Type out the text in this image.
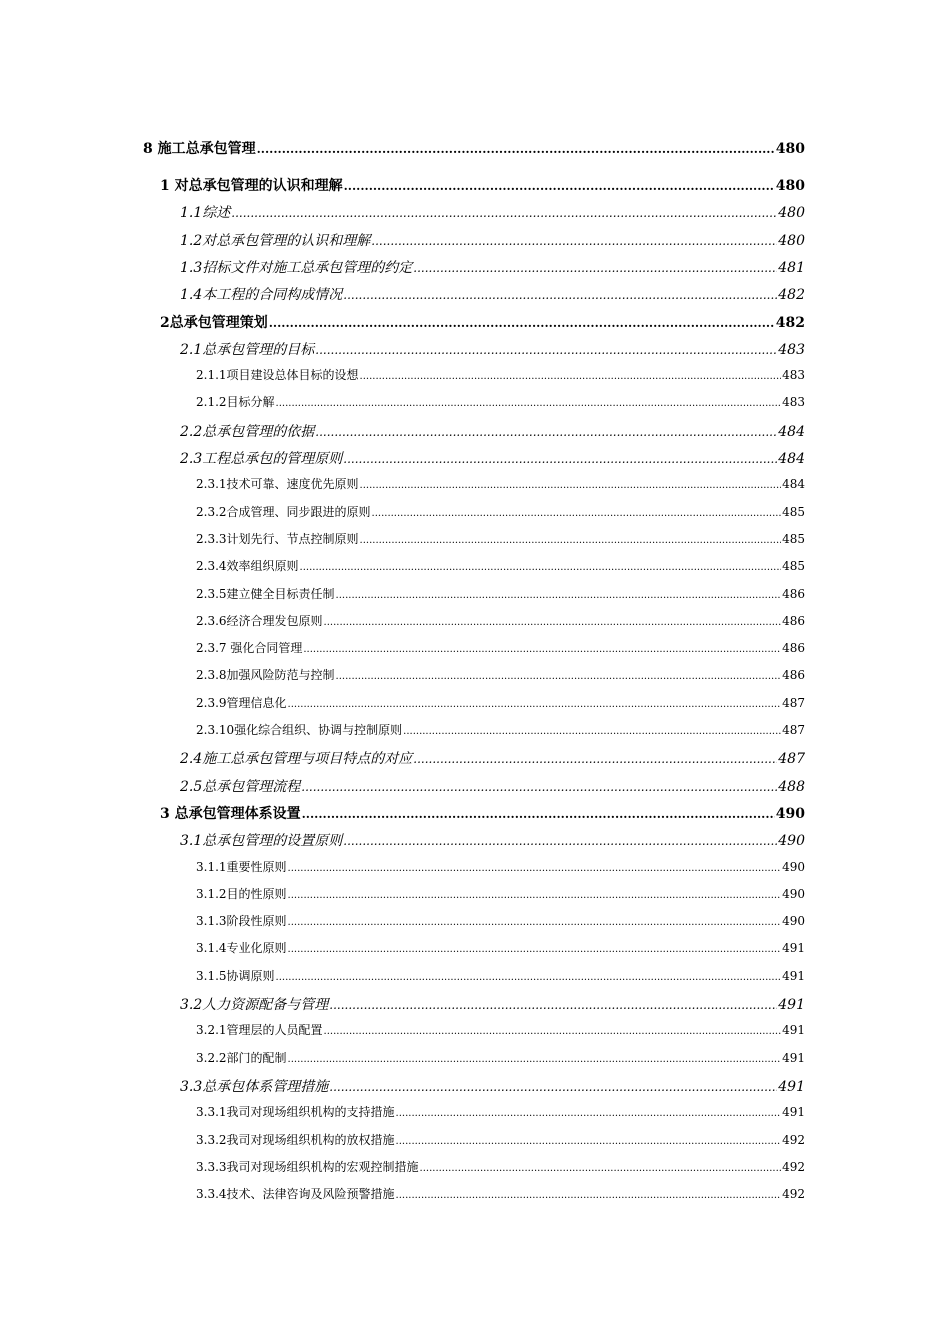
8 施工总承包管理 .....	480
1 对总承包管理的认识和理解 .....	480
1.1综述 .....	480
1.2对总承包管理的认识和理解 .....	480
1.3招标文件对施工总承包管理的约定 .....	481
1.4本工程的合同构成情况 .....	482
2总承包管理策划 .....	482
2.1总承包管理的目标 .....	483
2.1.1项目建设总体目标的设想 .....	483
2.1.2目标分解 .....	483
2.2总承包管理的依据 .....	484
2.3工程总承包的管理原则 .....	484
2.3.1技术可靠、速度优先原则 .....	484
2.3.2合成管理、同步跟进的原则 .....	485
2.3.3计划先行、节点控制原则 .....	485
2.3.4效率组织原则 .....	485
2.3.5建立健全目标责任制 .....	486
2.3.6经济合理发包原则 .....	486
2.3.7 强化合同管理 .....	486
2.3.8加强风险防范与控制 .....	486
2.3.9管理信息化 .....	487
2.3.10强化综合组织、协调与控制原则 .....	487
2.4施工总承包管理与项目特点的对应 .....	487
2.5总承包管理流程 .....	488
3 总承包管理体系设置 .....	490
3.1总承包管理的设置原则 .....	490
3.1.1重要性原则 .....	490
3.1.2目的性原则 .....	490
3.1.3阶段性原则 .....	490
3.1.4专业化原则 .....	491
3.1.5协调原则 .....	491
3.2人力资源配备与管理 .....	491
3.2.1管理层的人员配置 .....	491
3.2.2部门的配制 .....	491
3.3总承包体系管理措施 .....	491
3.3.1我司对现场组织机构的支持措施 .....	491
3.3.2我司对现场组织机构的放权措施 .....	492
3.3.3我司对现场组织机构的宏观控制措施 .....	492
3.3.4技术、法律咨询及风险预警措施 .....	492
